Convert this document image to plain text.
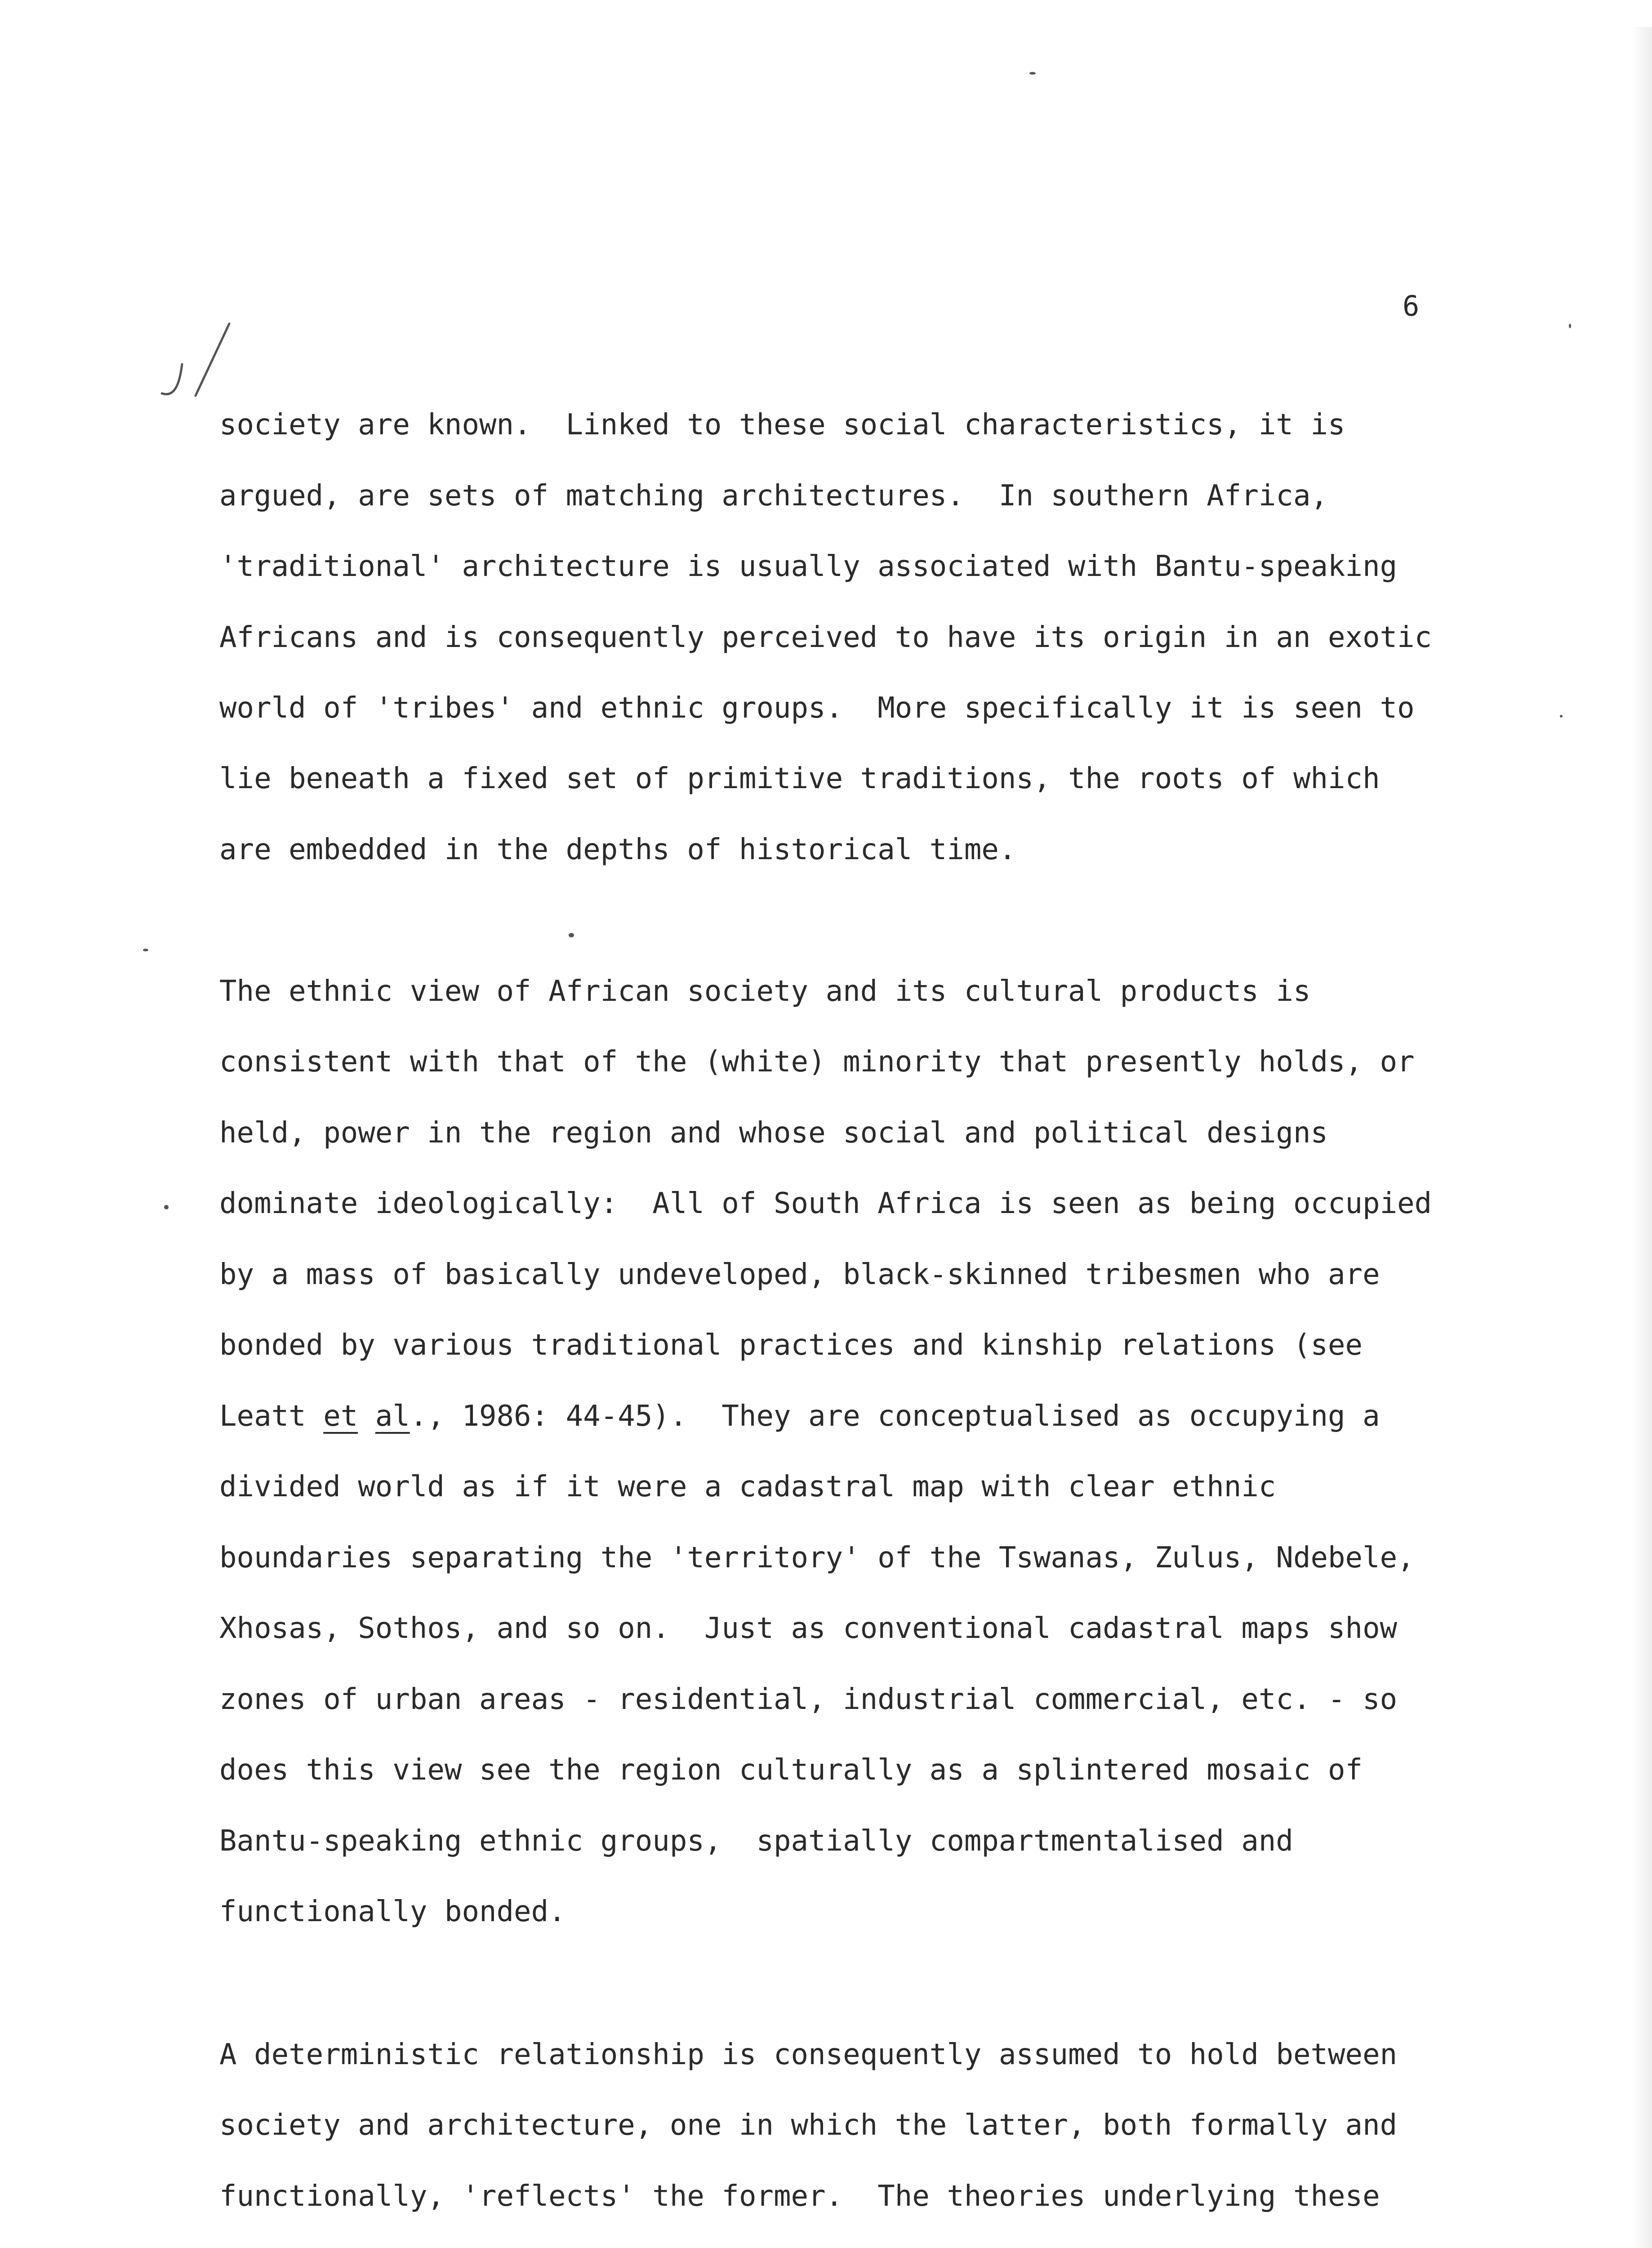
6

society are known.  Linked to these social characteristics, it is

argued, are sets of matching architectures.  In southern Africa,

'traditional' architecture is usually associated with Bantu-speaking

Africans and is consequently perceived to have its origin in an exotic

world of 'tribes' and ethnic groups.  More specifically it is seen to

lie beneath a fixed set of primitive traditions, the roots of which

are embedded in the depths of historical time.

The ethnic view of African society and its cultural products is

consistent with that of the (white) minority that presently holds, or

held, power in the region and whose social and political designs

dominate ideologically:  All of South Africa is seen as being occupied

by a mass of basically undeveloped, black-skinned tribesmen who are

bonded by various traditional practices and kinship relations (see

Leatt et al., 1986: 44-45).  They are conceptualised as occupying a

divided world as if it were a cadastral map with clear ethnic

boundaries separating the 'territory' of the Tswanas, Zulus, Ndebele,

Xhosas, Sothos, and so on.  Just as conventional cadastral maps show

zones of urban areas - residential, industrial commercial, etc. - so

does this view see the region culturally as a splintered mosaic of

Bantu-speaking ethnic groups,  spatially compartmentalised and

functionally bonded.

A deterministic relationship is consequently assumed to hold between

society and architecture, one in which the latter, both formally and

functionally, 'reflects' the former.  The theories underlying these
